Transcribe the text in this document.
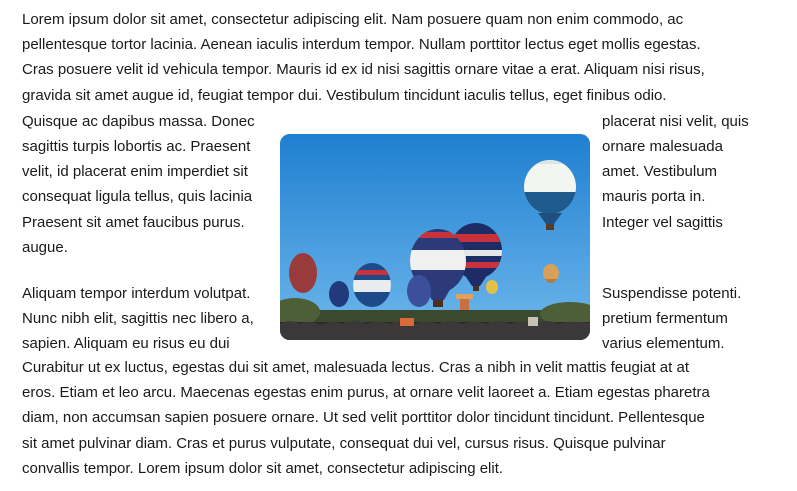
Lorem ipsum dolor sit amet, consectetur adipiscing elit. Nam posuere quam non enim commodo, ac
pellentesque tortor lacinia. Aenean iaculis interdum tempor. Nullam porttitor lectus eget mollis egestas.
Cras posuere velit id vehicula tempor. Mauris id ex id nisi sagittis ornare vitae a erat. Aliquam nisi risus,
gravida sit amet augue id, feugiat tempor dui. Vestibulum tincidunt iaculis tellus, eget finibus odio.
Quisque ac dapibus massa. Donec
sagittis turpis lobortis ac. Praesent
velit, id placerat enim imperdiet sit
consequat ligula tellus, quis lacinia
Praesent sit amet faucibus purus.
augue.
placerat nisi velit, quis
ornare malesuada
amet. Vestibulum
mauris porta in.
Integer vel sagittis
Aliquam tempor interdum volutpat.
Nunc nibh elit, sagittis nec libero a,
sapien. Aliquam eu risus eu dui
Suspendisse potenti.
pretium fermentum
varius elementum.
Curabitur ut ex luctus, egestas dui sit amet, malesuada lectus. Cras a nibh in velit mattis feugiat at at
eros. Etiam et leo arcu. Maecenas egestas enim purus, at ornare velit laoreet a. Etiam egestas pharetra
diam, non accumsan sapien posuere ornare. Ut sed velit porttitor dolor tincidunt tincidunt. Pellentesque
sit amet pulvinar diam. Cras et purus vulputate, consequat dui vel, cursus risus. Quisque pulvinar
convallis tempor. Lorem ipsum dolor sit amet, consectetur adipiscing elit.
